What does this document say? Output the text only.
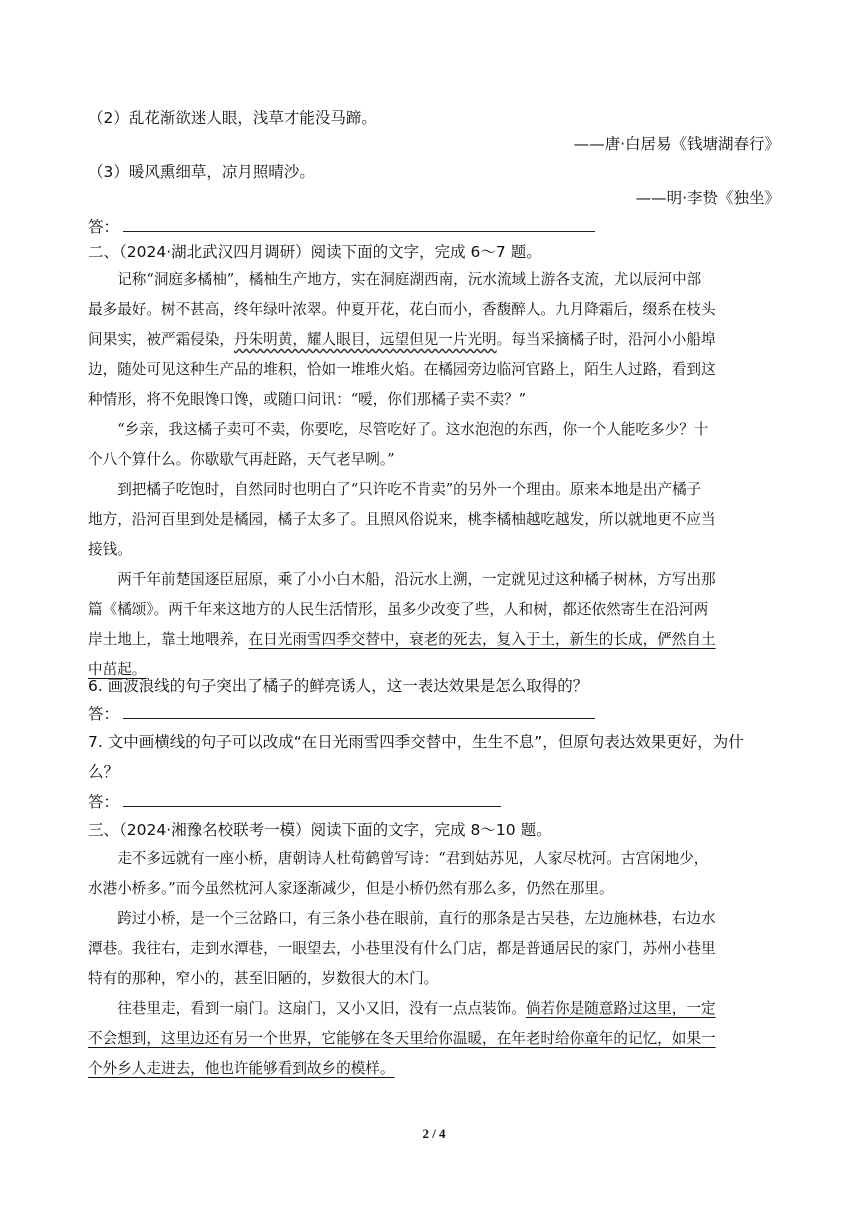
（2）乱花渐欲迷人眼，浅草才能没马蹄。
——唐·白居易《钱塘湖春行》
（3）暖风熏细草，凉月照晴沙。
——明·李贽《独坐》
答：
二、（2024·湖北武汉四月调研）阅读下面的文字，完成 6～7 题。
记称“洞庭多橘柚”，橘柚生产地方，实在洞庭湖西南，沅水流域上游各支流，尤以辰河中部
最多最好。树不甚高，终年绿叶浓翠。仲夏开花，花白而小，香馥醉人。九月降霜后，缀系在枝头
间果实，被严霜侵染，丹朱明黄，耀人眼目，远望但见一片光明。每当采摘橘子时，沿河小小船埠
边，随处可见这种生产品的堆积，恰如一堆堆火焰。在橘园旁边临河官路上，陌生人过路，看到这
种情形，将不免眼馋口馋，或随口问讯：“嗳，你们那橘子卖不卖？”
“乡亲，我这橘子卖可不卖，你要吃，尽管吃好了。这水泡泡的东西，你一个人能吃多少？十
个八个算什么。你歇歇气再赶路，天气老早咧。”
到把橘子吃饱时，自然同时也明白了“只许吃不肯卖”的另外一个理由。原来本地是出产橘子
地方，沿河百里到处是橘园，橘子太多了。且照风俗说来，桃李橘柚越吃越发，所以就地更不应当
接钱。
两千年前楚国逐臣屈原，乘了小小白木船，沿沅水上溯，一定就见过这种橘子树林，方写出那
篇《橘颂》。两千年来这地方的人民生活情形，虽多少改变了些，人和树，都还依然寄生在沿河两
岸土地上，靠土地喂养，在日光雨雪四季交替中，衰老的死去，复入于土，新生的长成，俨然自土
中茁起。
6. 画波浪线的句子突出了橘子的鲜亮诱人，这一表达效果是怎么取得的？
答：
7. 文中画横线的句子可以改成“在日光雨雪四季交替中，生生不息”，但原句表达效果更好，为什
么？
答：
三、（2024·湘豫名校联考一模）阅读下面的文字，完成 8～10 题。
走不多远就有一座小桥，唐朝诗人杜荀鹤曾写诗：“君到姑苏见，人家尽枕河。古宫闲地少，
水港小桥多。”而今虽然枕河人家逐渐减少，但是小桥仍然有那么多，仍然在那里。
跨过小桥，是一个三岔路口，有三条小巷在眼前，直行的那条是古吴巷，左边施林巷，右边水
潭巷。我往右，走到水潭巷，一眼望去，小巷里没有什么门店，都是普通居民的家门，苏州小巷里
特有的那种，窄小的，甚至旧陋的，岁数很大的木门。
往巷里走，看到一扇门。这扇门，又小又旧，没有一点点装饰。倘若你是随意路过这里，一定
不会想到，这里边还有另一个世界，它能够在冬天里给你温暖，在年老时给你童年的记忆，如果一
个外乡人走进去，他也许能够看到故乡的模样。
2 / 4
